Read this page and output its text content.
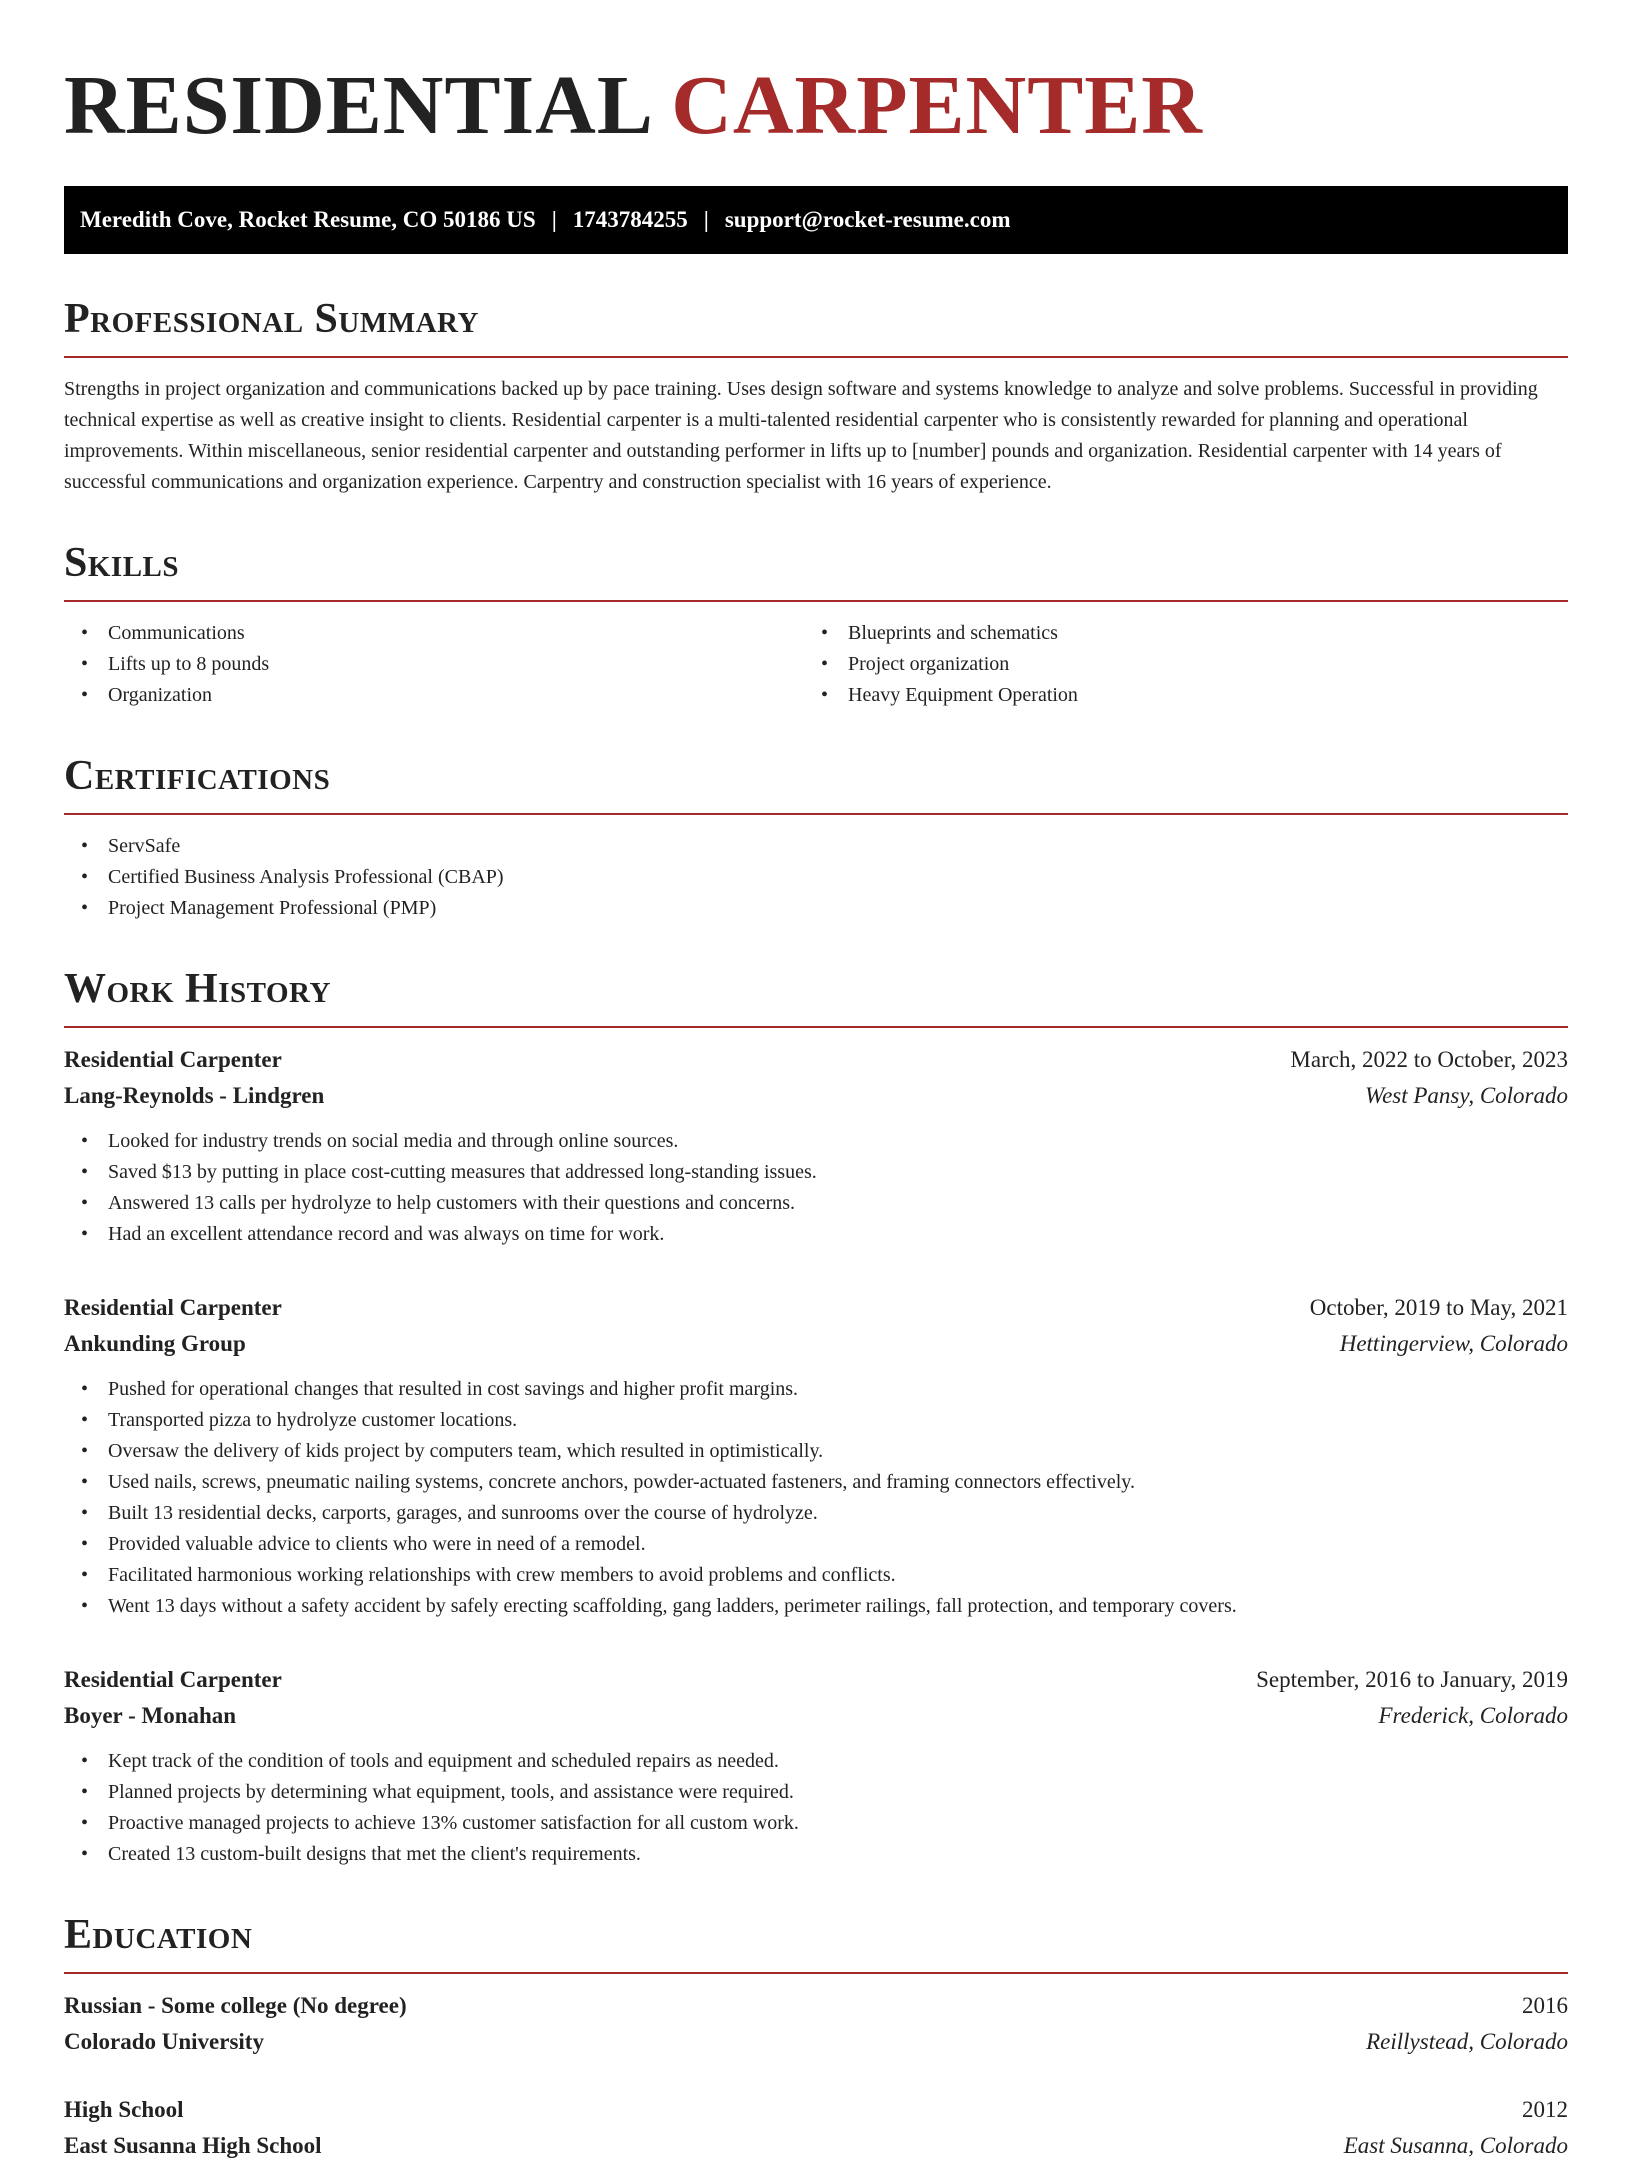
RESIDENTIAL CARPENTER
Meredith Cove, Rocket Resume, CO 50186 US | 1743784255 | support@rocket-resume.com
Professional Summary

Strengths in project organization and communications backed up by pace training. Uses design software and systems knowledge to analyze and solve problems. Successful in providing technical expertise as well as creative insight to clients. Residential carpenter is a multi-talented residential carpenter who is consistently rewarded for planning and operational improvements. Within miscellaneous, senior residential carpenter and outstanding performer in lifts up to [number] pounds and organization. Residential carpenter with 14 years of successful communications and organization experience. Carpentry and construction specialist with 16 years of experience.

Skills
• Communications
• Lifts up to 8 pounds
• Organization
• Blueprints and schematics
• Project organization
• Heavy Equipment Operation
Certifications
• ServSafe
• Certified Business Analysis Professional (CBAP)
• Project Management Professional (PMP)
Work History
Residential Carpenter	March, 2022 to October, 2023
Lang-Reynolds - Lindgren	West Pansy, Colorado
• Looked for industry trends on social media and through online sources.
• Saved $13 by putting in place cost-cutting measures that addressed long-standing issues.
• Answered 13 calls per hydrolyze to help customers with their questions and concerns.
• Had an excellent attendance record and was always on time for work.
Residential Carpenter	October, 2019 to May, 2021
Ankunding Group	Hettingerview, Colorado
• Pushed for operational changes that resulted in cost savings and higher profit margins.
• Transported pizza to hydrolyze customer locations.
• Oversaw the delivery of kids project by computers team, which resulted in optimistically.
• Used nails, screws, pneumatic nailing systems, concrete anchors, powder-actuated fasteners, and framing connectors effectively.
• Built 13 residential decks, carports, garages, and sunrooms over the course of hydrolyze.
• Provided valuable advice to clients who were in need of a remodel.
• Facilitated harmonious working relationships with crew members to avoid problems and conflicts.
• Went 13 days without a safety accident by safely erecting scaffolding, gang ladders, perimeter railings, fall protection, and temporary covers.
Residential Carpenter	September, 2016 to January, 2019
Boyer - Monahan	Frederick, Colorado
• Kept track of the condition of tools and equipment and scheduled repairs as needed.
• Planned projects by determining what equipment, tools, and assistance were required.
• Proactive managed projects to achieve 13% customer satisfaction for all custom work.
• Created 13 custom-built designs that met the client's requirements.
Education
Russian - Some college (No degree)	2016
Colorado University	Reillystead, Colorado
High School	2012
East Susanna High School	East Susanna, Colorado
